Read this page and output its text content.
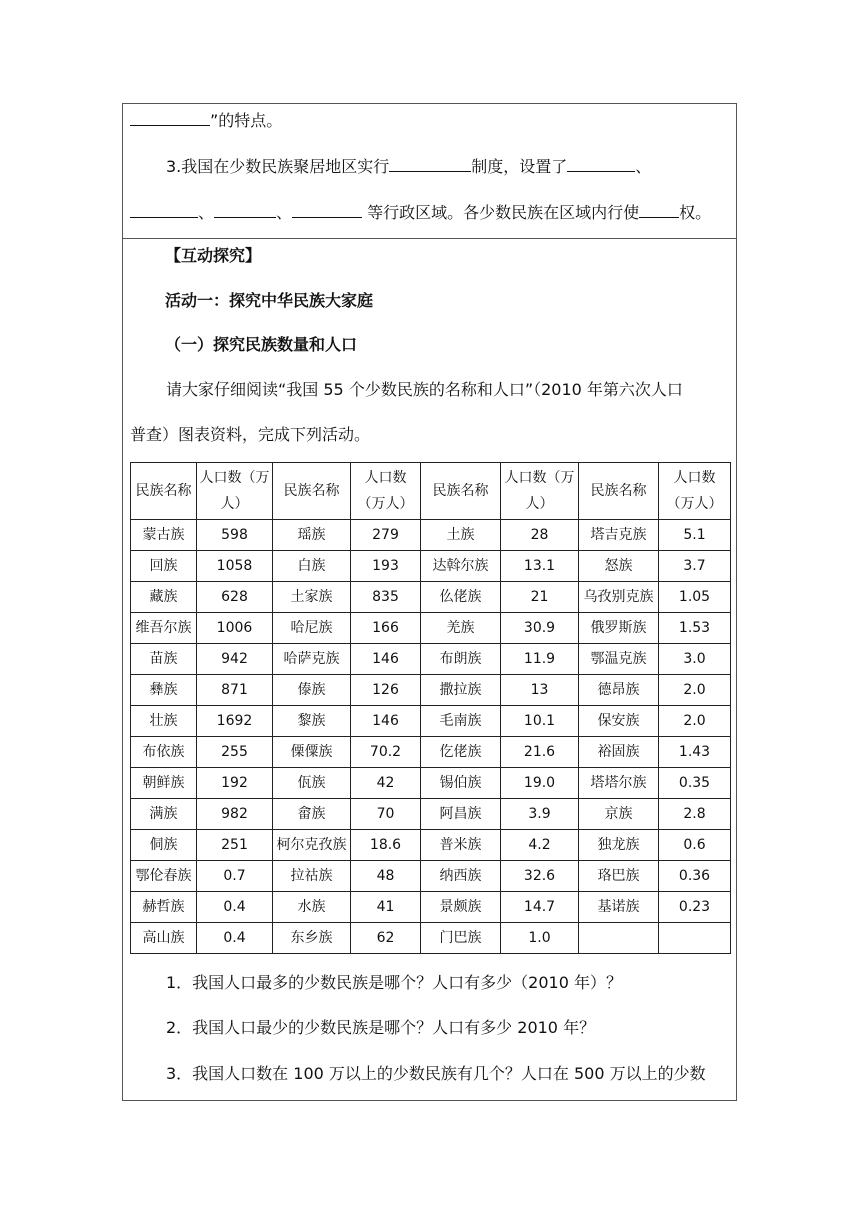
”的特点。
3.我国在少数民族聚居地区实行	制度，设置了	、
、	、	等行政区域。各少数民族在区域内行使	权。
【互动探究】
活动一：探究中华民族大家庭
（一）探究民族数量和人口
请大家仔细阅读“我国 55 个少数民族的名称和人口”（2010 年第六次人口
普查）图表资料，完成下列活动。
民族名称	人口数（万人）	民族名称	人口数（万人）	民族名称	人口数（万人）	民族名称	人口数（万人）
蒙古族	598	瑶族	279	土族	28	塔吉克族	5.1
回族	1058	白族	193	达斡尔族	13.1	怒族	3.7
藏族	628	土家族	835	仫佬族	21	乌孜别克族	1.05
维吾尔族	1006	哈尼族	166	羌族	30.9	俄罗斯族	1.53
苗族	942	哈萨克族	146	布朗族	11.9	鄂温克族	3.0
彝族	871	傣族	126	撒拉族	13	德昂族	2.0
壮族	1692	黎族	146	毛南族	10.1	保安族	2.0
布依族	255	傈僳族	70.2	仡佬族	21.6	裕固族	1.43
朝鲜族	192	佤族	42	锡伯族	19.0	塔塔尔族	0.35
满族	982	畲族	70	阿昌族	3.9	京族	2.8
侗族	251	柯尔克孜族	18.6	普米族	4.2	独龙族	0.6
鄂伦春族	0.7	拉祜族	48	纳西族	32.6	珞巴族	0.36
赫哲族	0.4	水族	41	景颇族	14.7	基诺族	0.23
高山族	0.4	东乡族	62	门巴族	1.0		
1．我国人口最多的少数民族是哪个？人口有多少（2010 年）？
2．我国人口最少的少数民族是哪个？人口有多少 2010 年？
3．我国人口数在 100 万以上的少数民族有几个？人口在 500 万以上的少数
